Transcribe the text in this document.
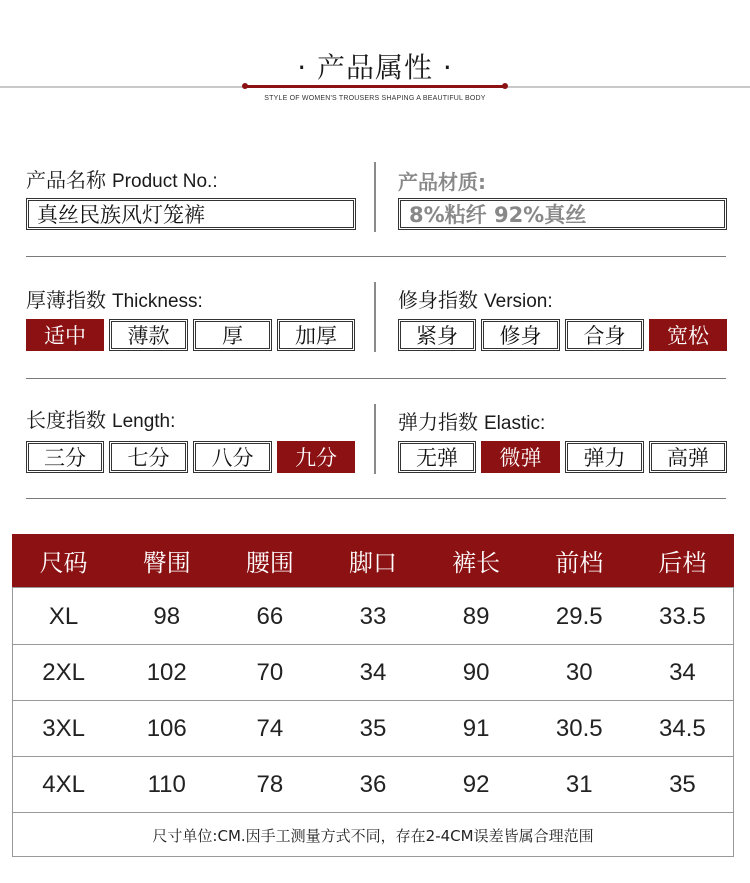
· 产品属性 ·
STYLE OF WOMEN'S TROUSERS SHAPING A BEAUTIFUL BODY
产品名称 Product No.:
真丝民族风灯笼裤
产品材质:
8%粘纤 92%真丝
厚薄指数 Thickness:
适中	薄款	厚	加厚
修身指数 Version:
紧身	修身	合身	宽松
长度指数 Length:
三分	七分	八分	九分
弹力指数 Elastic:
无弹	微弹	弹力	高弹
尺码	臀围	腰围	脚口	裤长	前档	后档
XL	98	66	33	89	29.5	33.5
2XL	102	70	34	90	30	34
3XL	106	74	35	91	30.5	34.5
4XL	110	78	36	92	31	35
尺寸单位:CM.因手工测量方式不同，存在2-4CM误差皆属合理范围
